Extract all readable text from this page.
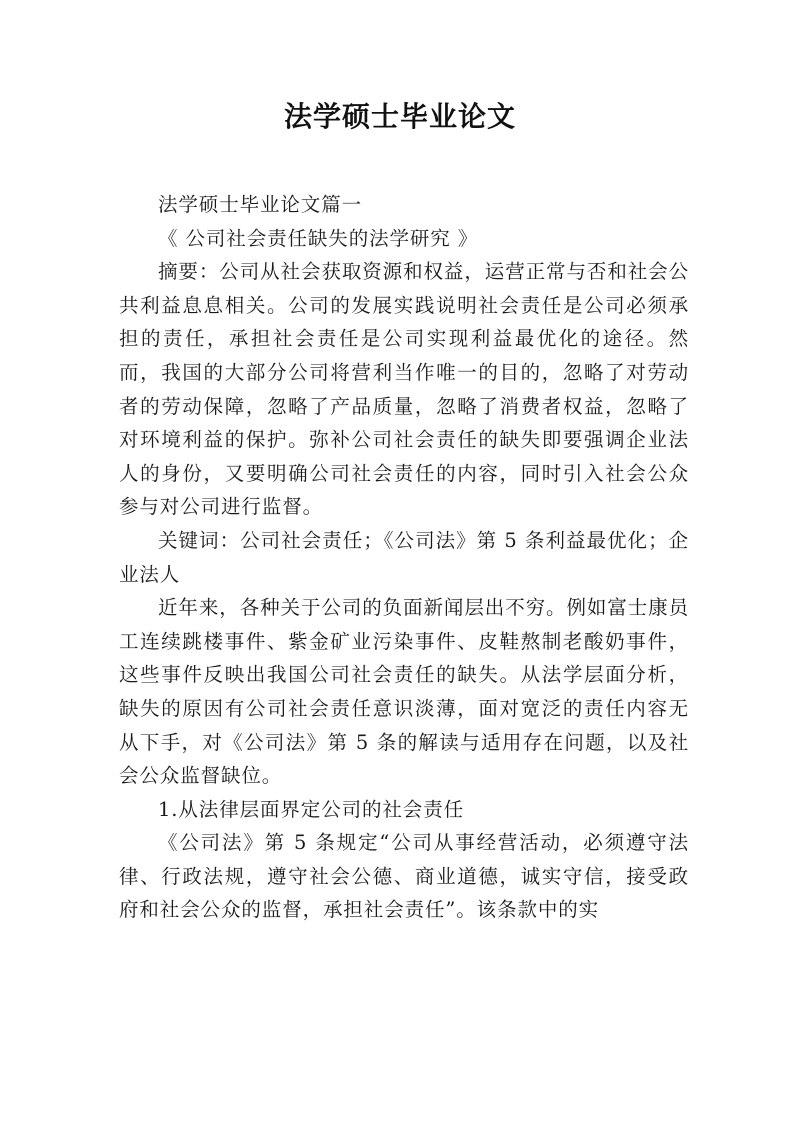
法学硕士毕业论文

法学硕士毕业论文篇一

《 公司社会责任缺失的法学研究 》

摘要：公司从社会获取资源和权益，运营正常与否和社会公共利益息息相关。公司的发展实践说明社会责任是公司必须承担的责任，承担社会责任是公司实现利益最优化的途径。然而，我国的大部分公司将营利当作唯一的目的，忽略了对劳动者的劳动保障，忽略了产品质量，忽略了消费者权益，忽略了对环境利益的保护。弥补公司社会责任的缺失即要强调企业法人的身份，又要明确公司社会责任的内容，同时引入社会公众参与对公司进行监督。

关键词：公司社会责任；《公司法》第 5 条利益最优化；企业法人

近年来，各种关于公司的负面新闻层出不穷。例如富士康员工连续跳楼事件、紫金矿业污染事件、皮鞋熬制老酸奶事件，这些事件反映出我国公司社会责任的缺失。从法学层面分析，缺失的原因有公司社会责任意识淡薄，面对宽泛的责任内容无从下手，对《公司法》第 5 条的解读与适用存在问题，以及社会公众监督缺位。

1.从法律层面界定公司的社会责任

《公司法》第 5 条规定“公司从事经营活动，必须遵守法律、行政法规，遵守社会公德、商业道德，诚实守信，接受政府和社会公众的监督，承担社会责任”。该条款中的实
